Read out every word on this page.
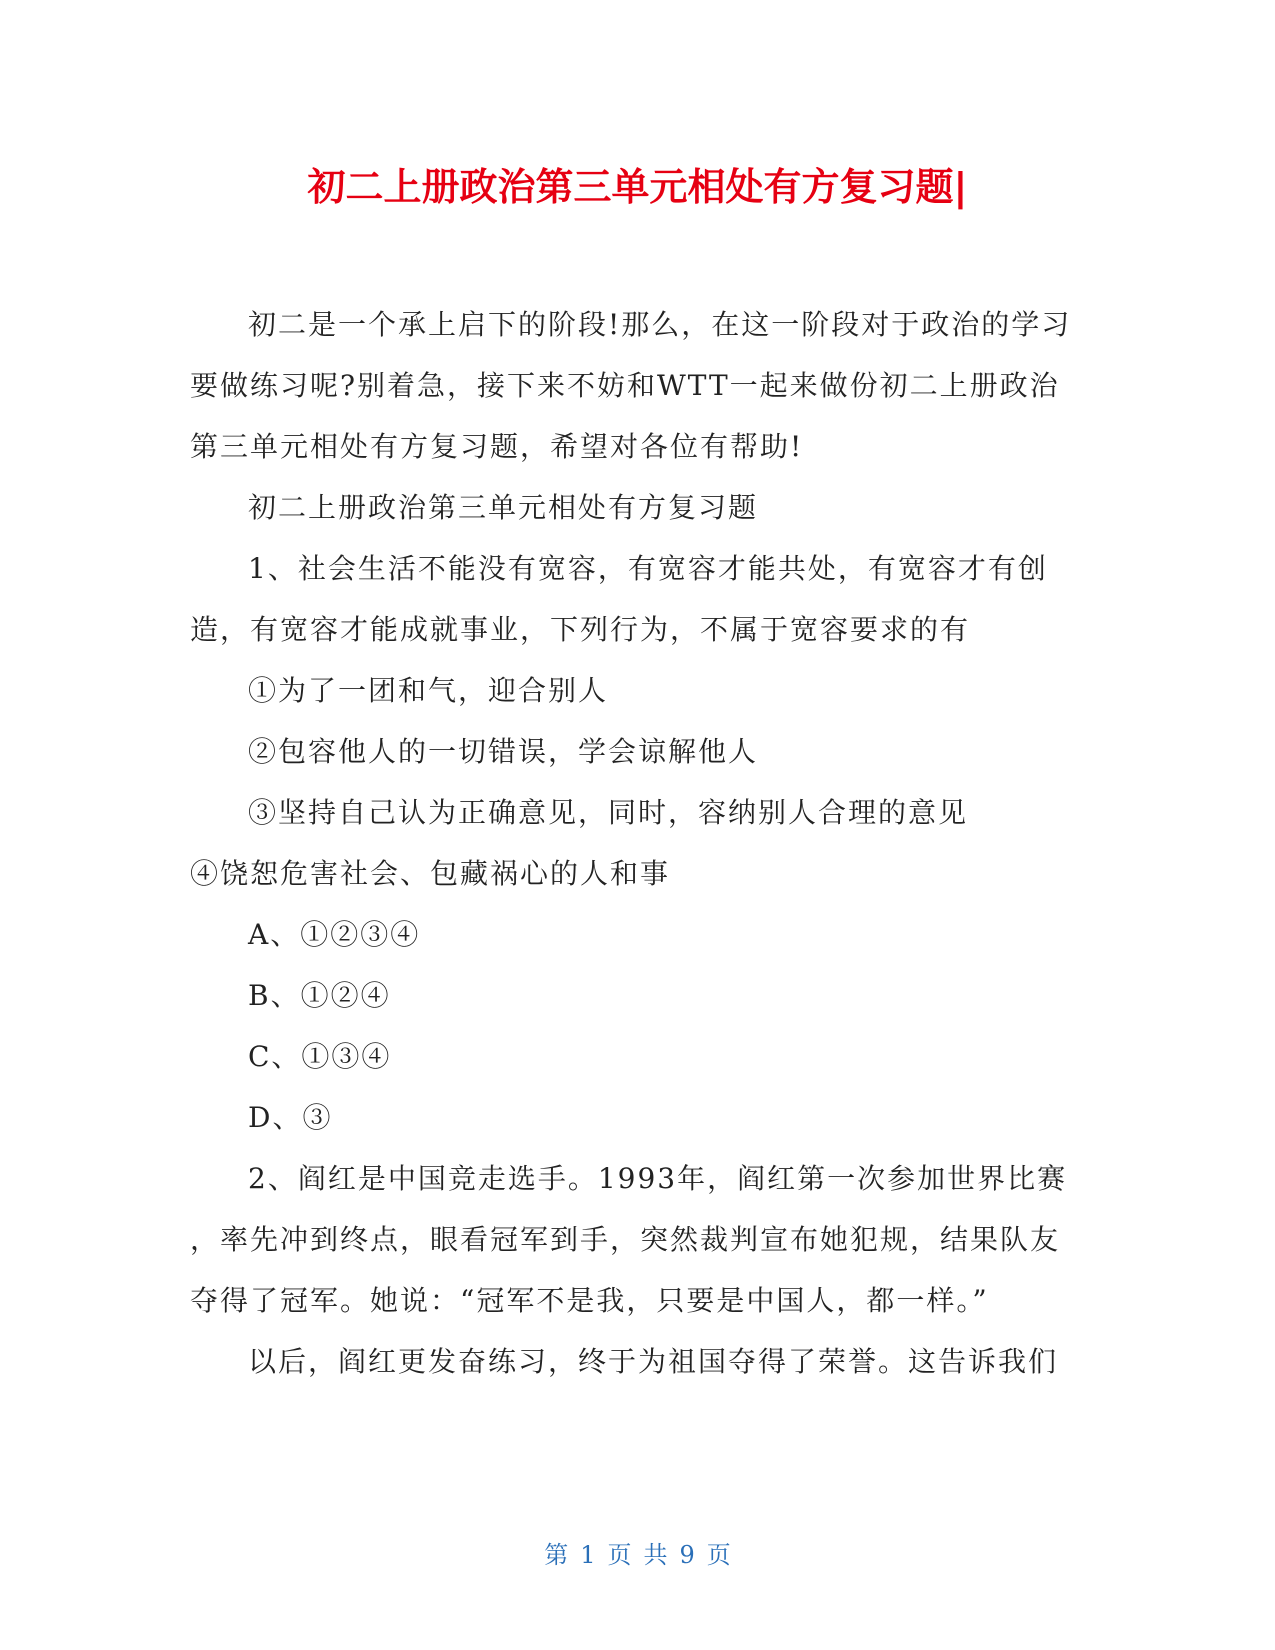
初二上册政治第三单元相处有方复习题|

初二是一个承上启下的阶段!那么，在这一阶段对于政治的学习要做练习呢?别着急，接下来不妨和WTT一起来做份初二上册政治第三单元相处有方复习题，希望对各位有帮助!

初二上册政治第三单元相处有方复习题

1、社会生活不能没有宽容，有宽容才能共处，有宽容才有创造，有宽容才能成就事业，下列行为，不属于宽容要求的有

①为了一团和气，迎合别人

②包容他人的一切错误，学会谅解他人

③坚持自己认为正确意见，同时，容纳别人合理的意见

④饶恕危害社会、包藏祸心的人和事

A、①②③④

B、①②④

C、①③④

D、③

2、阎红是中国竞走选手。1993年，阎红第一次参加世界比赛

，率先冲到终点，眼看冠军到手，突然裁判宣布她犯规，结果队友夺得了冠军。她说：“冠军不是我，只要是中国人，都一样。”

以后，阎红更发奋练习，终于为祖国夺得了荣誉。这告诉我们

第 1 页 共 9 页
